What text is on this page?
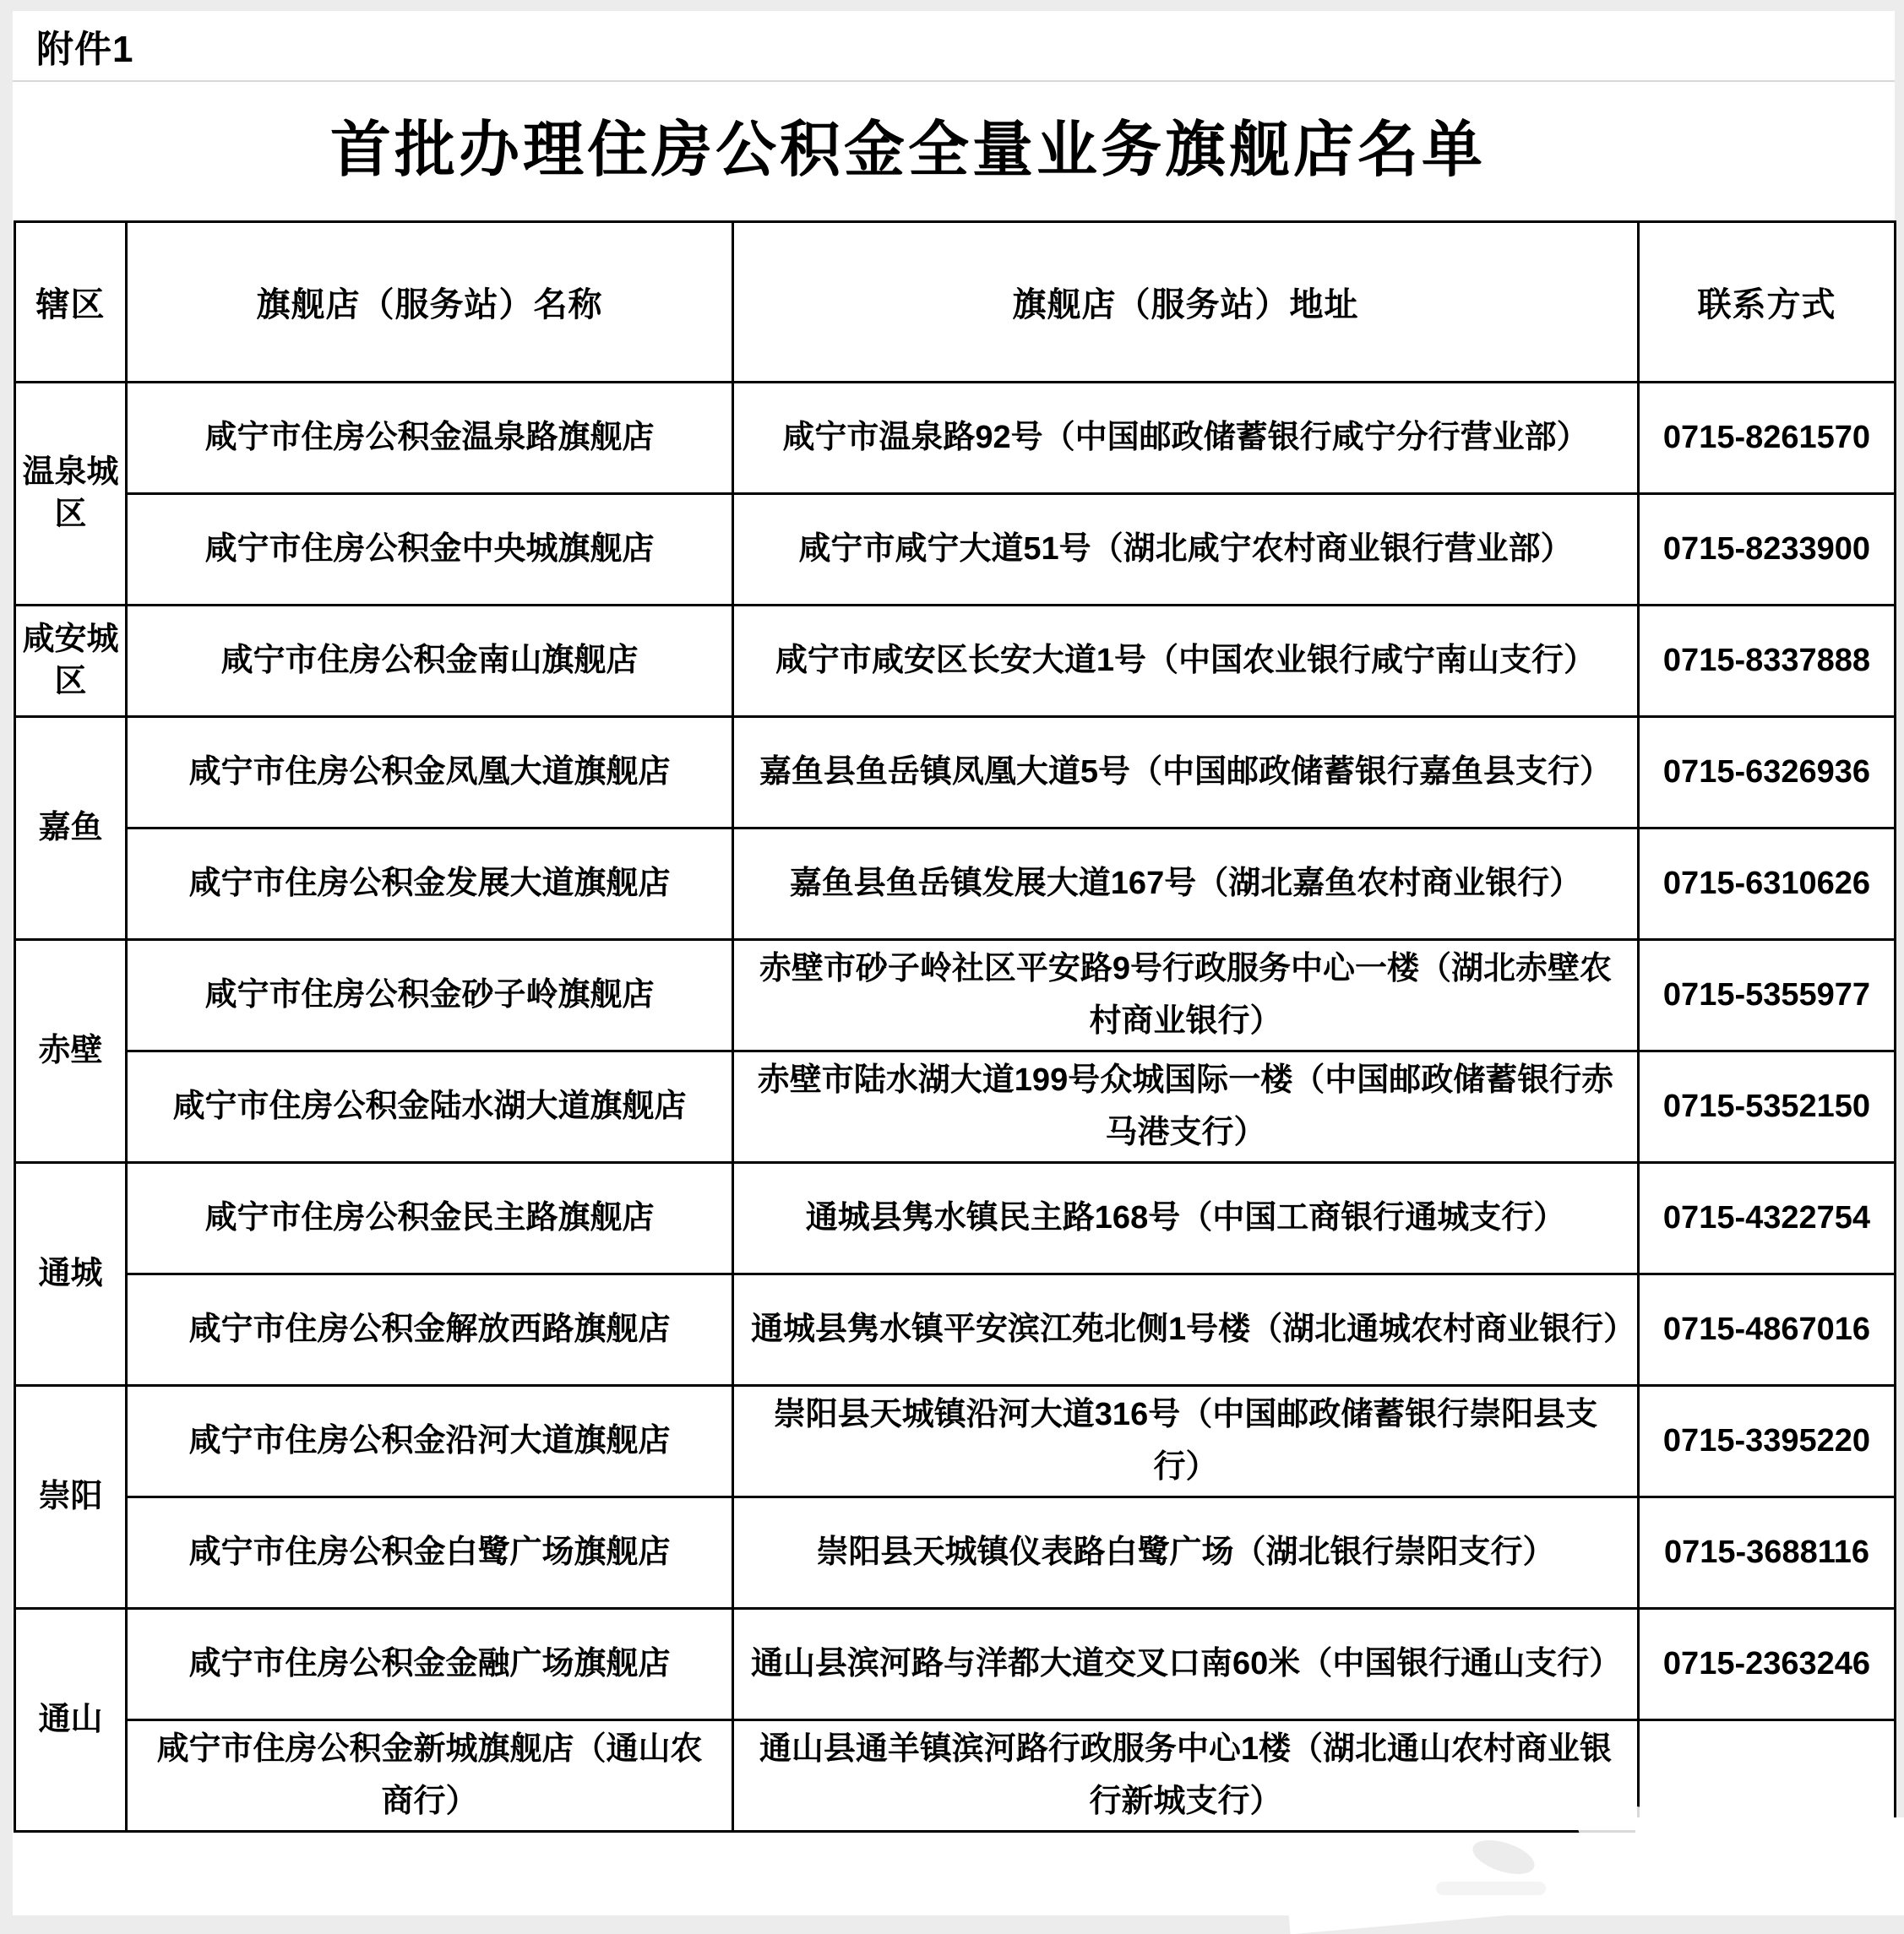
附件1
首批办理住房公积金全量业务旗舰店名单
辖区	旗舰店（服务站）名称	旗舰店（服务站）地址	联系方式
温泉城区	咸宁市住房公积金温泉路旗舰店	咸宁市温泉路92号（中国邮政储蓄银行咸宁分行营业部）	0715-8261570
	咸宁市住房公积金中央城旗舰店	咸宁市咸宁大道51号（湖北咸宁农村商业银行营业部）	0715-8233900
咸安城区	咸宁市住房公积金南山旗舰店	咸宁市咸安区长安大道1号（中国农业银行咸宁南山支行）	0715-8337888
嘉鱼	咸宁市住房公积金凤凰大道旗舰店	嘉鱼县鱼岳镇凤凰大道5号（中国邮政储蓄银行嘉鱼县支行）	0715-6326936
	咸宁市住房公积金发展大道旗舰店	嘉鱼县鱼岳镇发展大道167号（湖北嘉鱼农村商业银行）	0715-6310626
赤壁	咸宁市住房公积金砂子岭旗舰店	赤壁市砂子岭社区平安路9号行政服务中心一楼（湖北赤壁农村商业银行）	0715-5355977
	咸宁市住房公积金陆水湖大道旗舰店	赤壁市陆水湖大道199号众城国际一楼（中国邮政储蓄银行赤马港支行）	0715-5352150
通城	咸宁市住房公积金民主路旗舰店	通城县隽水镇民主路168号（中国工商银行通城支行）	0715-4322754
	咸宁市住房公积金解放西路旗舰店	通城县隽水镇平安滨江苑北侧1号楼（湖北通城农村商业银行）	0715-4867016
崇阳	咸宁市住房公积金沿河大道旗舰店	崇阳县天城镇沿河大道316号（中国邮政储蓄银行崇阳县支行）	0715-3395220
	咸宁市住房公积金白鹭广场旗舰店	崇阳县天城镇仪表路白鹭广场（湖北银行崇阳支行）	0715-3688116
通山	咸宁市住房公积金金融广场旗舰店	通山县滨河路与洋都大道交叉口南60米（中国银行通山支行）	0715-2363246
	咸宁市住房公积金新城旗舰店（通山农商行）	通山县通羊镇滨河路行政服务中心1楼（湖北通山农村商业银行新城支行）	
